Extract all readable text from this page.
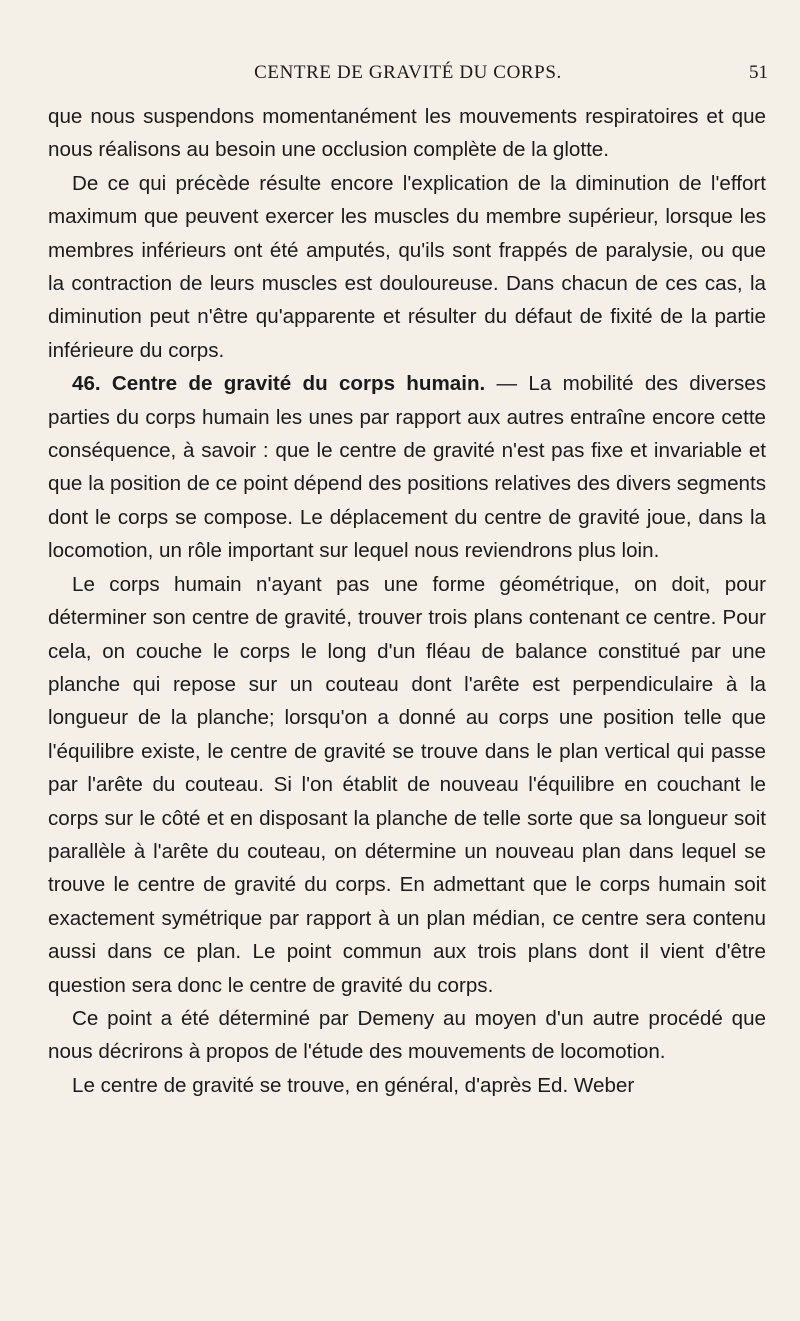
CENTRE DE GRAVITÉ DU CORPS.	51

que nous suspendons momentanément les mouvements respiratoires et que nous réalisons au besoin une occlusion complète de la glotte.

De ce qui précède résulte encore l'explication de la diminution de l'effort maximum que peuvent exercer les muscles du membre supérieur, lorsque les membres inférieurs ont été amputés, qu'ils sont frappés de paralysie, ou que la contraction de leurs muscles est douloureuse. Dans chacun de ces cas, la diminution peut n'être qu'apparente et résulter du défaut de fixité de la partie inférieure du corps.

46. Centre de gravité du corps humain. — La mobilité des diverses parties du corps humain les unes par rapport aux autres entraîne encore cette conséquence, à savoir : que le centre de gravité n'est pas fixe et invariable et que la position de ce point dépend des positions relatives des divers segments dont le corps se compose. Le déplacement du centre de gravité joue, dans la locomotion, un rôle important sur lequel nous reviendrons plus loin.

Le corps humain n'ayant pas une forme géométrique, on doit, pour déterminer son centre de gravité, trouver trois plans contenant ce centre. Pour cela, on couche le corps le long d'un fléau de balance constitué par une planche qui repose sur un couteau dont l'arête est perpendiculaire à la longueur de la planche; lorsqu'on a donné au corps une position telle que l'équilibre existe, le centre de gravité se trouve dans le plan vertical qui passe par l'arête du couteau. Si l'on établit de nouveau l'équilibre en couchant le corps sur le côté et en disposant la planche de telle sorte que sa longueur soit parallèle à l'arête du couteau, on détermine un nouveau plan dans lequel se trouve le centre de gravité du corps. En admettant que le corps humain soit exactement symétrique par rapport à un plan médian, ce centre sera contenu aussi dans ce plan. Le point commun aux trois plans dont il vient d'être question sera donc le centre de gravité du corps.

Ce point a été déterminé par Demeny au moyen d'un autre procédé que nous décrirons à propos de l'étude des mouvements de locomotion.

Le centre de gravité se trouve, en général, d'après Ed. Weber
